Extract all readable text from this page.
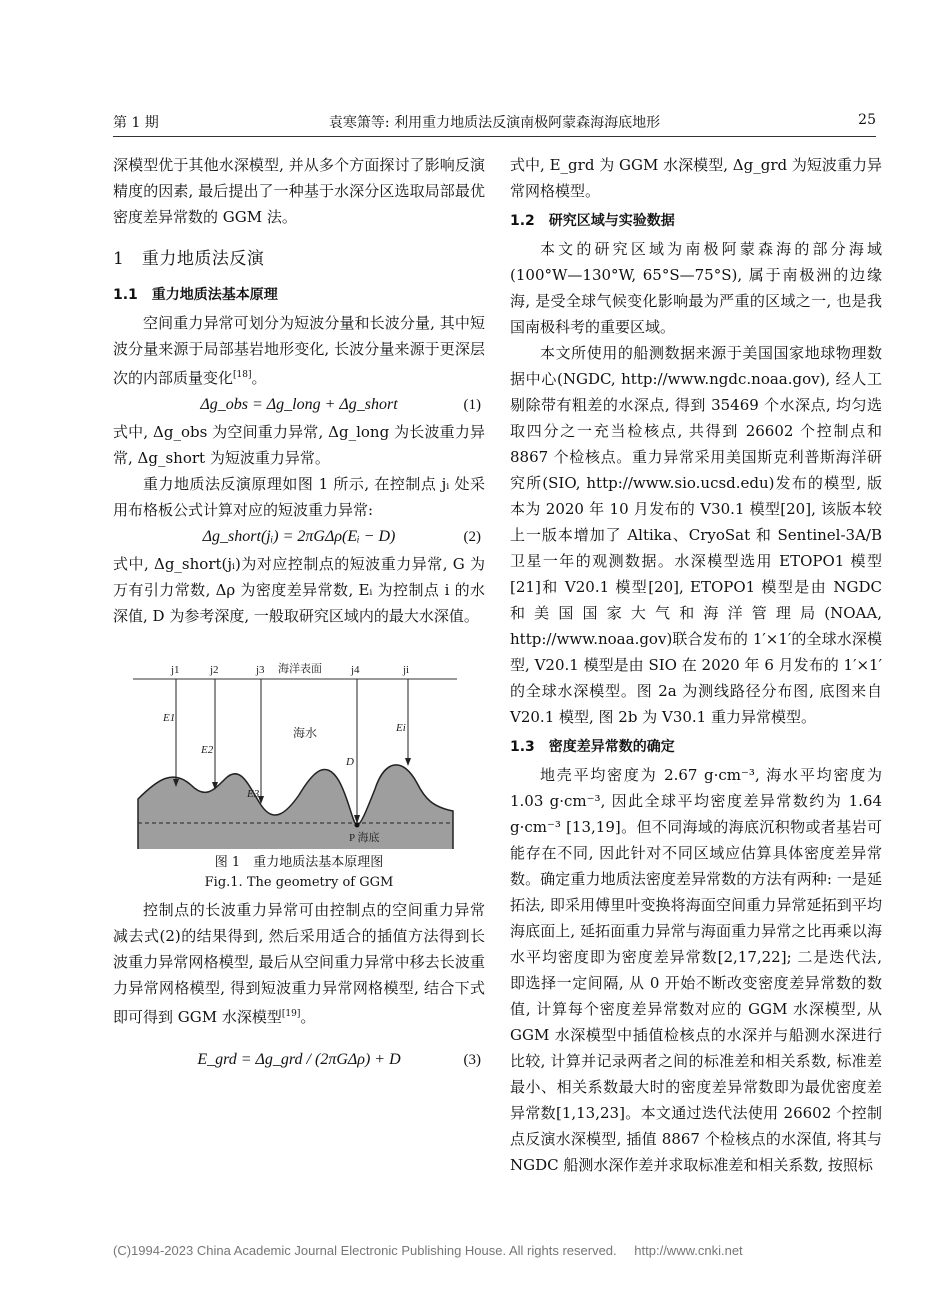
第 1 期	袁寒箫等: 利用重力地质法反演南极阿蒙森海海底地形	25

深模型优于其他水深模型, 并从多个方面探讨了影响反演精度的因素, 最后提出了一种基于水深分区选取局部最优密度差异常数的 GGM 法。

1　重力地质法反演
1.1　重力地质法基本原理

空间重力异常可划分为短波分量和长波分量, 其中短波分量来源于局部基岩地形变化, 长波分量来源于更深层次的内部质量变化[18]。

Δg_obs = Δg_long + Δg_short	(1)

式中, Δg_obs 为空间重力异常, Δg_long 为长波重力异常, Δg_short 为短波重力异常。

重力地质法反演原理如图 1 所示, 在控制点 jᵢ 处采用布格板公式计算对应的短波重力异常:

Δg_short(jᵢ) = 2πGΔρ(Eᵢ − D)	(2)

式中, Δg_short(jᵢ)为对应控制点的短波重力异常, G 为万有引力常数, Δρ 为密度差异常数, Eᵢ 为控制点 i 的水深值, D 为参考深度, 一般取研究区域内的最大水深值。

j1	j2	j3	j4	ji
海洋表面
海水
E1
E2
E3
Ei
D
P 海底
图 1　重力地质法基本原理图
Fig.1. The geometry of GGM

控制点的长波重力异常可由控制点的空间重力异常减去式(2)的结果得到, 然后采用适合的插值方法得到长波重力异常网格模型, 最后从空间重力异常中移去长波重力异常网格模型, 得到短波重力异常网格模型, 结合下式即可得到 GGM 水深模型[19]。

E_grd = Δg_grd / (2πGΔρ) + D	(3)

式中, E_grd 为 GGM 水深模型, Δg_grd 为短波重力异常网格模型。

1.2　研究区域与实验数据

本文的研究区域为南极阿蒙森海的部分海域(100°W—130°W, 65°S—75°S), 属于南极洲的边缘海, 是受全球气候变化影响最为严重的区域之一, 也是我国南极科考的重要区域。

本文所使用的船测数据来源于美国国家地球物理数据中心(NGDC, http://www.ngdc.noaa.gov), 经人工剔除带有粗差的水深点, 得到 35469 个水深点, 均匀选取四分之一充当检核点, 共得到 26602 个控制点和 8867 个检核点。重力异常采用美国斯克利普斯海洋研究所(SIO, http://www.sio.ucsd.edu)发布的模型, 版本为 2020 年 10 月发布的 V30.1 模型[20], 该版本较上一版本增加了 Altika、CryoSat 和 Sentinel-3A/B 卫星一年的观测数据。水深模型选用 ETOPO1 模型[21]和 V20.1 模型[20], ETOPO1 模型是由 NGDC 和美国国家大气和海洋管理局(NOAA, http://www.noaa.gov)联合发布的 1′×1′的全球水深模型, V20.1 模型是由 SIO 在 2020 年 6 月发布的 1′×1′的全球水深模型。图 2a 为测线路径分布图, 底图来自 V20.1 模型, 图 2b 为 V30.1 重力异常模型。

1.3　密度差异常数的确定

地壳平均密度为 2.67 g·cm⁻³, 海水平均密度为 1.03 g·cm⁻³, 因此全球平均密度差异常数约为 1.64 g·cm⁻³ [13,19]。但不同海域的海底沉积物或者基岩可能存在不同, 因此针对不同区域应估算具体密度差异常数。确定重力地质法密度差异常数的方法有两种: 一是延拓法, 即采用傅里叶变换将海面空间重力异常延拓到平均海底面上, 延拓面重力异常与海面重力异常之比再乘以海水平均密度即为密度差异常数[2,17,22]; 二是迭代法, 即选择一定间隔, 从 0 开始不断改变密度差异常数的数值, 计算每个密度差异常数对应的 GGM 水深模型, 从 GGM 水深模型中插值检核点的水深并与船测水深进行比较, 计算并记录两者之间的标准差和相关系数, 标准差最小、相关系数最大时的密度差异常数即为最优密度差异常数[1,13,23]。本文通过迭代法使用 26602 个控制点反演水深模型, 插值 8867 个检核点的水深值, 将其与 NGDC 船测水深作差并求取标准差和相关系数, 按照标

(C)1994-2023 China Academic Journal Electronic Publishing House. All rights reserved. http://www.cnki.net
